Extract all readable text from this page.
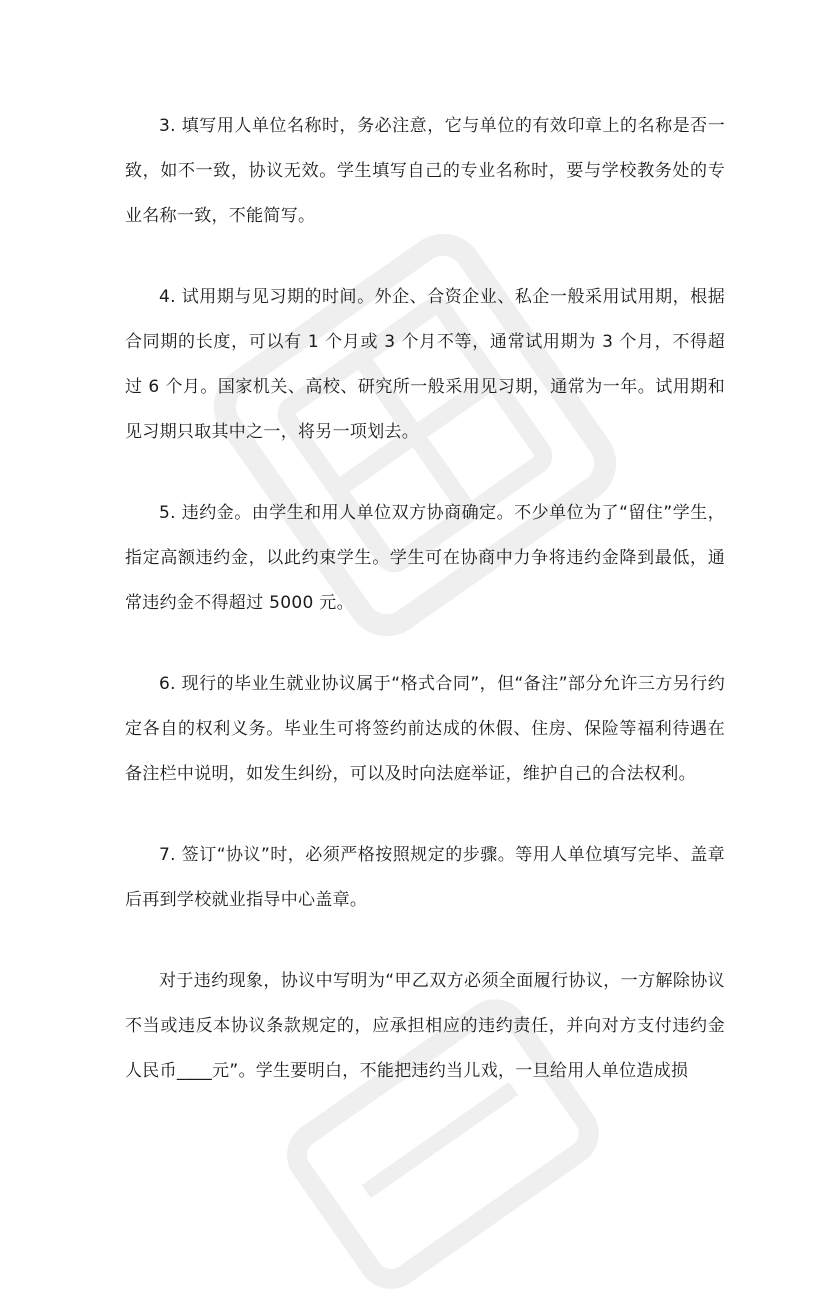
3. 填写用人单位名称时，务必注意，它与单位的有效印章上的名称是否一致，如不一致，协议无效。学生填写自己的专业名称时，要与学校教务处的专业名称一致，不能简写。

4. 试用期与见习期的时间。外企、合资企业、私企一般采用试用期，根据合同期的长度，可以有 1 个月或 3 个月不等，通常试用期为 3 个月，不得超过 6 个月。国家机关、高校、研究所一般采用见习期，通常为一年。试用期和见习期只取其中之一，将另一项划去。

5. 违约金。由学生和用人单位双方协商确定。不少单位为了“留住”学生，指定高额违约金，以此约束学生。学生可在协商中力争将违约金降到最低，通常违约金不得超过 5000 元。

6. 现行的毕业生就业协议属于“格式合同”，但“备注”部分允许三方另行约定各自的权利义务。毕业生可将签约前达成的休假、住房、保险等福利待遇在备注栏中说明，如发生纠纷，可以及时向法庭举证，维护自己的合法权利。

7. 签订“协议”时，必须严格按照规定的步骤。等用人单位填写完毕、盖章后再到学校就业指导中心盖章。

对于违约现象，协议中写明为“甲乙双方必须全面履行协议，一方解除协议不当或违反本协议条款规定的，应承担相应的违约责任，并向对方支付违约金人民币____元”。学生要明白，不能把违约当儿戏，一旦给用人单位造成损
